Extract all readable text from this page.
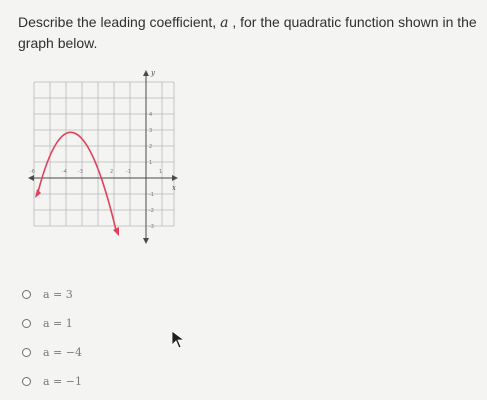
Describe the leading coefficient, a , for the quadratic function shown in the graph below.
x
y
-6	-4 -3	2	-1	1
4
3
2
1
-1
-2
-3
a = 3
a = 1
a = −4
a = −1
